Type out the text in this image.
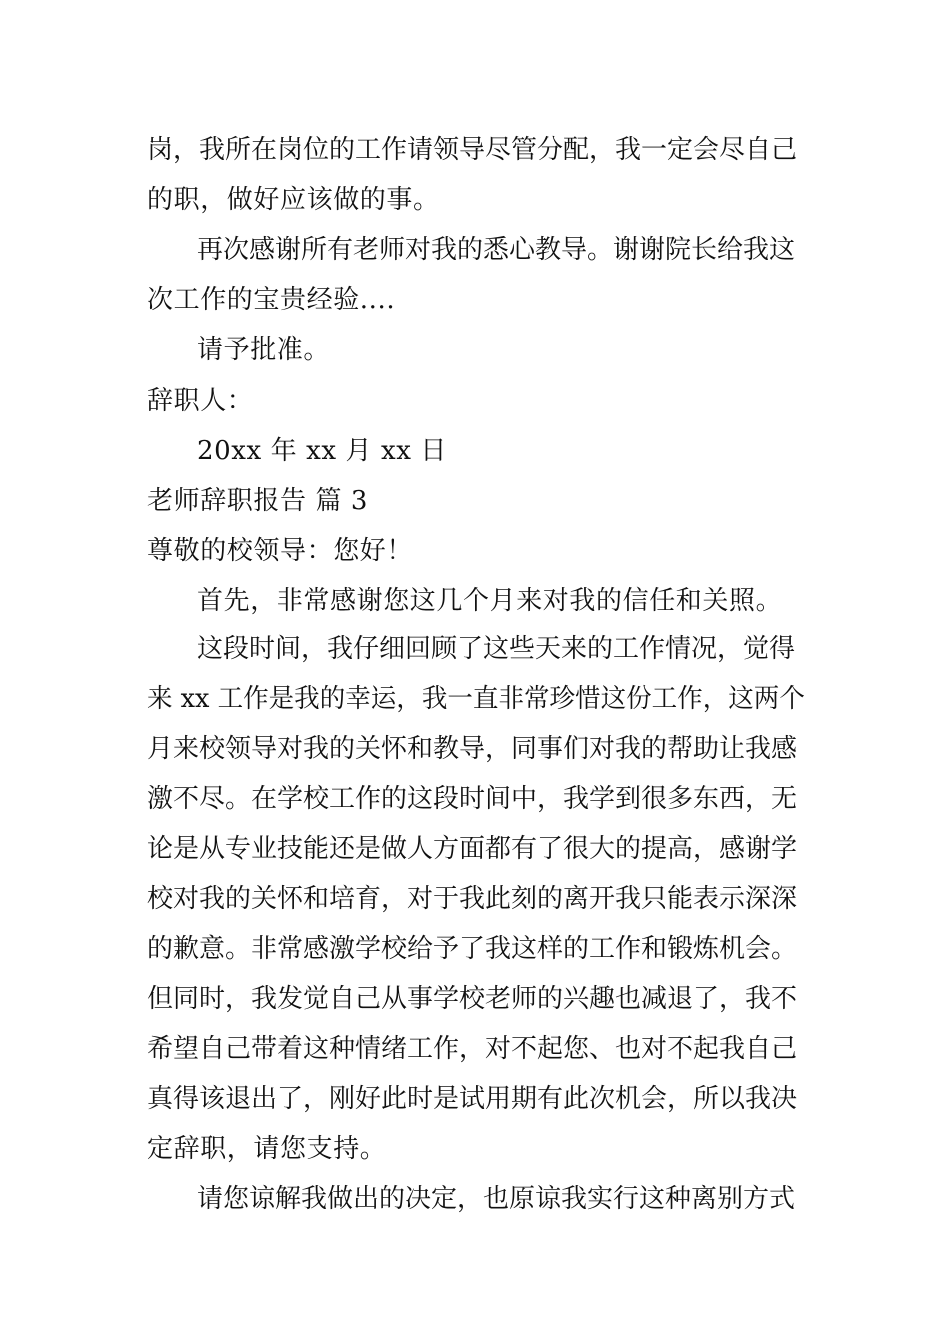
岗，我所在岗位的工作请领导尽管分配，我一定会尽自己

的职，做好应该做的事。

再次感谢所有老师对我的悉心教导。谢谢院长给我这

次工作的宝贵经验....

请予批准。

辞职人：

20xx 年 xx 月 xx 日

老师辞职报告 篇 3

尊敬的校领导：您好！

首先，非常感谢您这几个月来对我的信任和关照。

这段时间，我仔细回顾了这些天来的工作情况，觉得

来 xx 工作是我的幸运，我一直非常珍惜这份工作，这两个

月来校领导对我的关怀和教导，同事们对我的帮助让我感

激不尽。在学校工作的这段时间中，我学到很多东西，无

论是从专业技能还是做人方面都有了很大的提高，感谢学

校对我的关怀和培育，对于我此刻的离开我只能表示深深

的歉意。非常感激学校给予了我这样的工作和锻炼机会。

但同时，我发觉自己从事学校老师的兴趣也减退了，我不

希望自己带着这种情绪工作，对不起您、也对不起我自己

真得该退出了，刚好此时是试用期有此次机会，所以我决

定辞职，请您支持。

请您谅解我做出的决定，也原谅我实行这种离别方式
